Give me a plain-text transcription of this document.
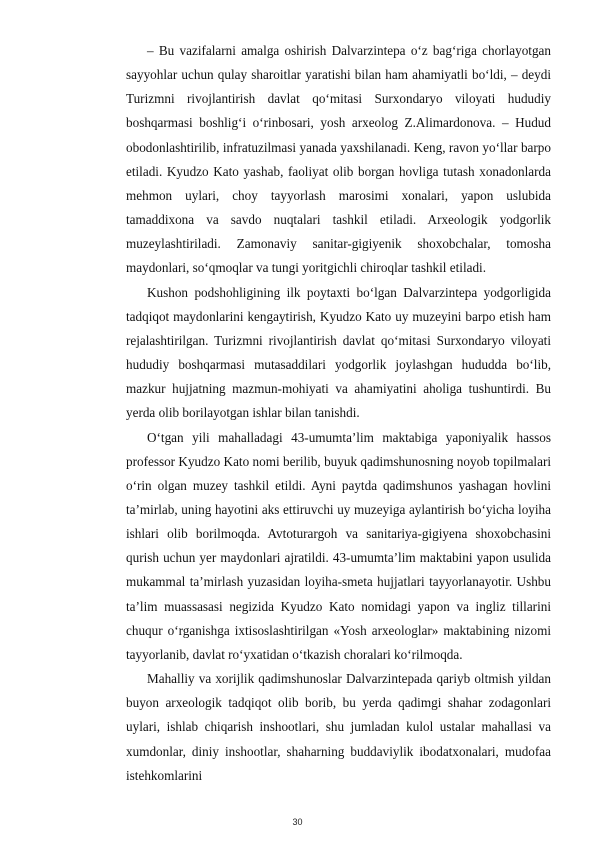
– Bu vazifalarni amalga oshirish Dalvarzintepa o‘z bag‘riga chorlayotgan sayyohlar uchun qulay sharoitlar yaratishi bilan ham ahamiyatli bo‘ldi, – deydi Turizmni rivojlantirish davlat qo‘mitasi Surxondaryo viloyati hududiy boshqarmasi boshlig‘i o‘rinbosari, yosh arxeolog Z.Alimardonova. – Hudud obodonlashtirilib, infratuzilmasi yanada yaxshilanadi. Keng, ravon yo‘llar barpo etiladi. Kyudzo Kato yashab, faoliyat olib borgan hovliga tutash xonadonlarda mehmon uylari, choy tayyorlash marosimi xonalari, yapon uslubida tamaddixona va savdo nuqtalari tashkil etiladi. Arxeologik yodgorlik muzeylashtiriladi. Zamonaviy sanitar-gigiyenik shoxobchalar, tomosha maydonlari, so‘qmoqlar va tungi yoritgichli chiroqlar tashkil etiladi.

Kushon podshohligining ilk poytaxti bo‘lgan Dalvarzintepa yodgorligida tadqiqot maydonlarini kengaytirish, Kyudzo Kato uy muzeyini barpo etish ham rejalashtirilgan. Turizmni rivojlantirish davlat qo‘mitasi Surxondaryo viloyati hududiy boshqarmasi mutasaddilari yodgorlik joylashgan hududda bo‘lib, mazkur hujjatning mazmun-mohiyati va ahamiyatini aholiga tushuntirdi. Bu yerda olib borilayotgan ishlar bilan tanishdi.

O‘tgan yili mahalladagi 43-umumta’lim maktabiga yaponiyalik hassos professor Kyudzo Kato nomi berilib, buyuk qadimshunosning noyob topilmalari o‘rin olgan muzey tashkil etildi. Ayni paytda qadimshunos yashagan hovlini ta’mirlab, uning hayotini aks ettiruvchi uy muzeyiga aylantirish bo‘yicha loyiha ishlari olib borilmoqda. Avtoturargoh va sanitariya-gigiyena shoxobchasini qurish uchun yer maydonlari ajratildi. 43-umumta’lim maktabini yapon usulida mukammal ta’mirlash yuzasidan loyiha-smeta hujjatlari tayyorlanayotir. Ushbu ta’lim muassasasi negizida Kyudzo Kato nomidagi yapon va ingliz tillarini chuqur o‘rganishga ixtisoslashtirilgan «Yosh arxeologlar» maktabining nizomi tayyorlanib, davlat ro‘yxatidan o‘tkazish choralari ko‘rilmoqda.

Mahalliy va xorijlik qadimshunoslar Dalvarzintepada qariyb oltmish yildan buyon arxeologik tadqiqot olib borib, bu yerda qadimgi shahar zodagonlari uylari, ishlab chiqarish inshootlari, shu jumladan kulol ustalar mahallasi va xumdonlar, diniy inshootlar, shaharning buddaviylik ibodatxonalari, mudofaa istehkomlarini

30
